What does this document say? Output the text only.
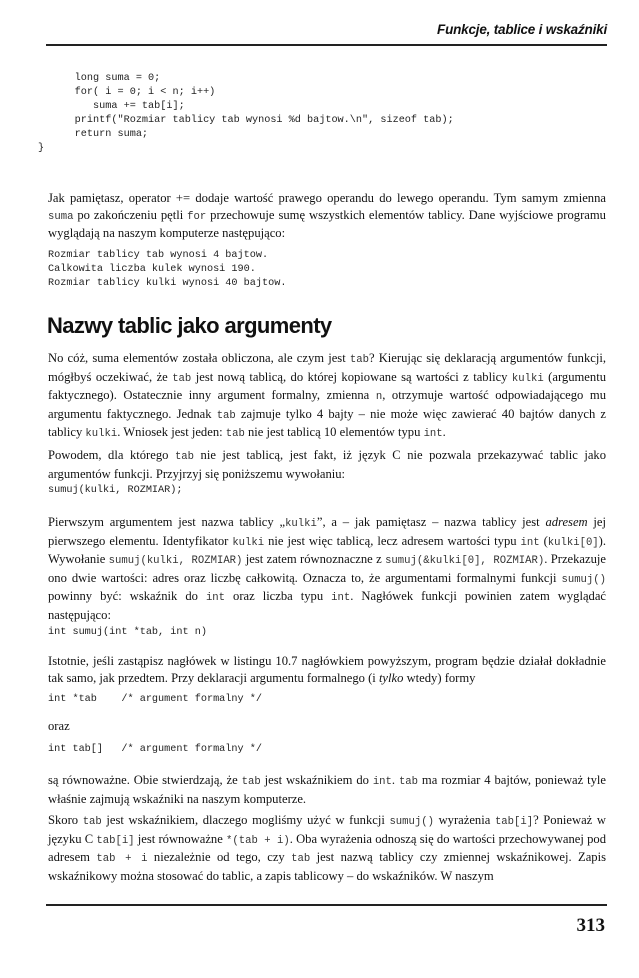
Funkcje, tablice i wskaźniki
long suma = 0;
for( i = 0; i < n; i++)
suma += tab[i];
printf("Rozmiar tablicy tab wynosi %d bajtow.\n", sizeof tab);
return suma;
}

Jak pamiętasz, operator += dodaje wartość prawego operandu do lewego operandu. Tym samym zmienna suma po zakończeniu pętli for przechowuje sumę wszystkich elementów tablicy. Dane wyjściowe programu wyglądają na naszym komputerze następująco:

Rozmiar tablicy tab wynosi 4 bajtow.
Calkowita liczba kulek wynosi 190.
Rozmiar tablicy kulki wynosi 40 bajtow.
Nazwy tablic jako argumenty

No cóż, suma elementów została obliczona, ale czym jest tab? Kierując się deklaracją argumentów funkcji, mógłbyś oczekiwać, że tab jest nową tablicą, do której kopiowane są wartości z tablicy kulki (argumentu faktycznego). Ostatecznie inny argument formalny, zmienna n, otrzymuje wartość odpowiadającego mu argumentu faktycznego. Jednak tab zajmuje tylko 4 bajty – nie może więc zawierać 40 bajtów danych z tablicy kulki. Wniosek jest jeden: tab nie jest tablicą 10 elementów typu int.

Powodem, dla którego tab nie jest tablicą, jest fakt, iż język C nie pozwala przekazywać tablic jako argumentów funkcji. Przyjrzyj się poniższemu wywołaniu:

sumuj(kulki, ROZMIAR);

Pierwszym argumentem jest nazwa tablicy „kulki”, a – jak pamiętasz – nazwa tablicy jest adresem jej pierwszego elementu. Identyfikator kulki nie jest więc tablicą, lecz adresem wartości typu int (kulki[0]). Wywołanie sumuj(kulki, ROZMIAR) jest zatem równoznaczne z sumuj(&kulki[0], ROZMIAR). Przekazuje ono dwie wartości: adres oraz liczbę całkowitą. Oznacza to, że argumentami formalnymi funkcji sumuj() powinny być: wskaźnik do int oraz liczba typu int. Nagłówek funkcji powinien zatem wyglądać następująco:

int sumuj(int *tab, int n)

Istotnie, jeśli zastąpisz nagłówek w listingu 10.7 nagłówkiem powyższym, program będzie działał dokładnie tak samo, jak przedtem. Przy deklaracji argumentu formalnego (i tylko wtedy) formy

int *tab    /* argument formalny */

oraz

int tab[]   /* argument formalny */

są równoważne. Obie stwierdzają, że tab jest wskaźnikiem do int. tab ma rozmiar 4 bajtów, ponieważ tyle właśnie zajmują wskaźniki na naszym komputerze.

Skoro tab jest wskaźnikiem, dlaczego mogliśmy użyć w funkcji sumuj() wyrażenia tab[i]? Ponieważ w języku C tab[i] jest równoważne *(tab + i). Oba wyrażenia odnoszą się do wartości przechowywanej pod adresem tab + i niezależnie od tego, czy tab jest nazwą tablicy czy zmiennej wskaźnikowej. Zapis wskaźnikowy można stosować do tablic, a zapis tablicowy – do wskaźników. W naszym

313
